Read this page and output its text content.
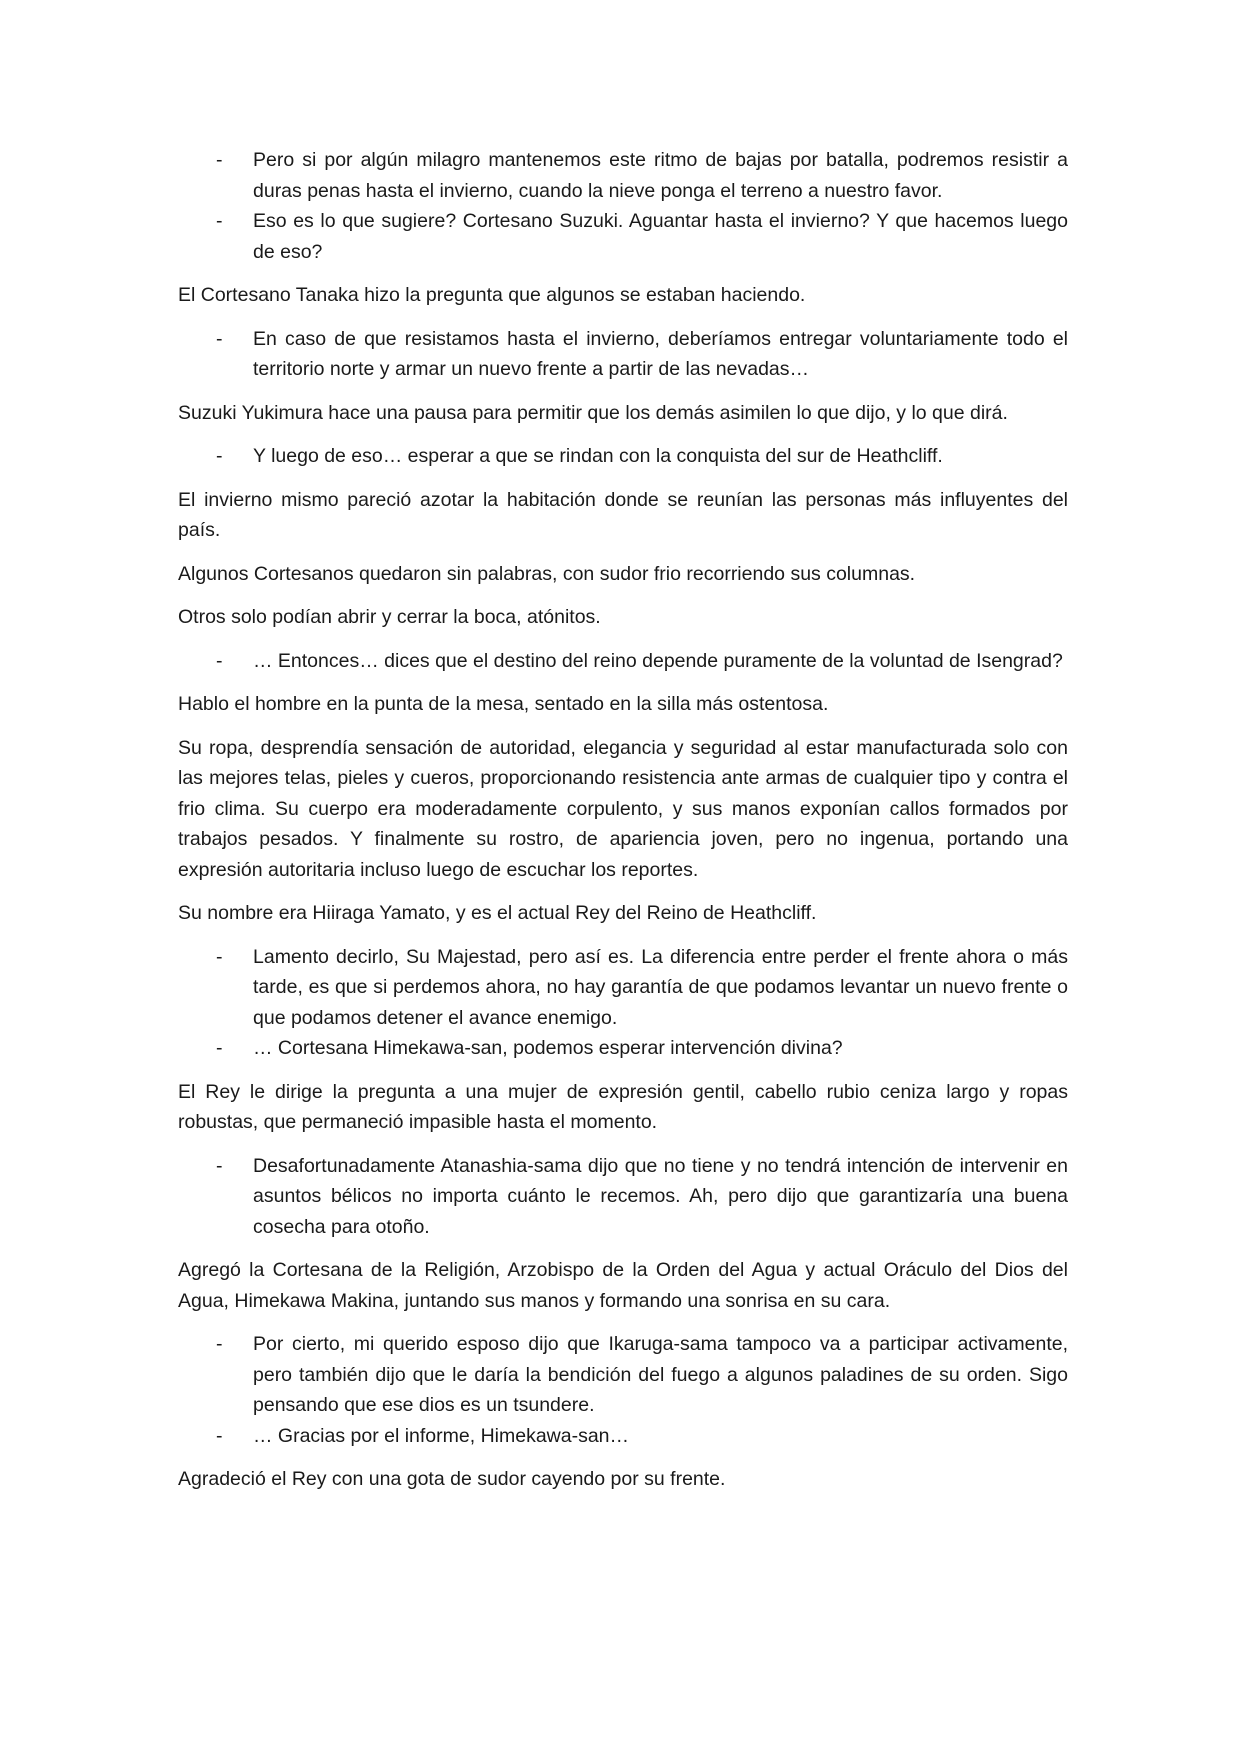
- Pero si por algún milagro mantenemos este ritmo de bajas por batalla, podremos resistir a duras penas hasta el invierno, cuando la nieve ponga el terreno a nuestro favor.

- Eso es lo que sugiere? Cortesano Suzuki. Aguantar hasta el invierno? Y que hacemos luego de eso?

El Cortesano Tanaka hizo la pregunta que algunos se estaban haciendo.

- En caso de que resistamos hasta el invierno, deberíamos entregar voluntariamente todo el territorio norte y armar un nuevo frente a partir de las nevadas…

Suzuki Yukimura hace una pausa para permitir que los demás asimilen lo que dijo, y lo que dirá.

- Y luego de eso… esperar a que se rindan con la conquista del sur de Heathcliff.

El invierno mismo pareció azotar la habitación donde se reunían las personas más influyentes del país.

Algunos Cortesanos quedaron sin palabras, con sudor frio recorriendo sus columnas.

Otros solo podían abrir y cerrar la boca, atónitos.

- … Entonces… dices que el destino del reino depende puramente de la voluntad de Isengrad?

Hablo el hombre en la punta de la mesa, sentado en la silla más ostentosa.

Su ropa, desprendía sensación de autoridad, elegancia y seguridad al estar manufacturada solo con las mejores telas, pieles y cueros, proporcionando resistencia ante armas de cualquier tipo y contra el frio clima. Su cuerpo era moderadamente corpulento, y sus manos exponían callos formados por trabajos pesados. Y finalmente su rostro, de apariencia joven, pero no ingenua, portando una expresión autoritaria incluso luego de escuchar los reportes.

Su nombre era Hiiraga Yamato, y es el actual Rey del Reino de Heathcliff.

- Lamento decirlo, Su Majestad, pero así es. La diferencia entre perder el frente ahora o más tarde, es que si perdemos ahora, no hay garantía de que podamos levantar un nuevo frente o que podamos detener el avance enemigo.

- … Cortesana Himekawa-san, podemos esperar intervención divina?

El Rey le dirige la pregunta a una mujer de expresión gentil, cabello rubio ceniza largo y ropas robustas, que permaneció impasible hasta el momento.

- Desafortunadamente Atanashia-sama dijo que no tiene y no tendrá intención de intervenir en asuntos bélicos no importa cuánto le recemos. Ah, pero dijo que garantizaría una buena cosecha para otoño.

Agregó la Cortesana de la Religión, Arzobispo de la Orden del Agua y actual Oráculo del Dios del Agua, Himekawa Makina, juntando sus manos y formando una sonrisa en su cara.

- Por cierto, mi querido esposo dijo que Ikaruga-sama tampoco va a participar activamente, pero también dijo que le daría la bendición del fuego a algunos paladines de su orden. Sigo pensando que ese dios es un tsundere.

- … Gracias por el informe, Himekawa-san…

Agradeció el Rey con una gota de sudor cayendo por su frente.
